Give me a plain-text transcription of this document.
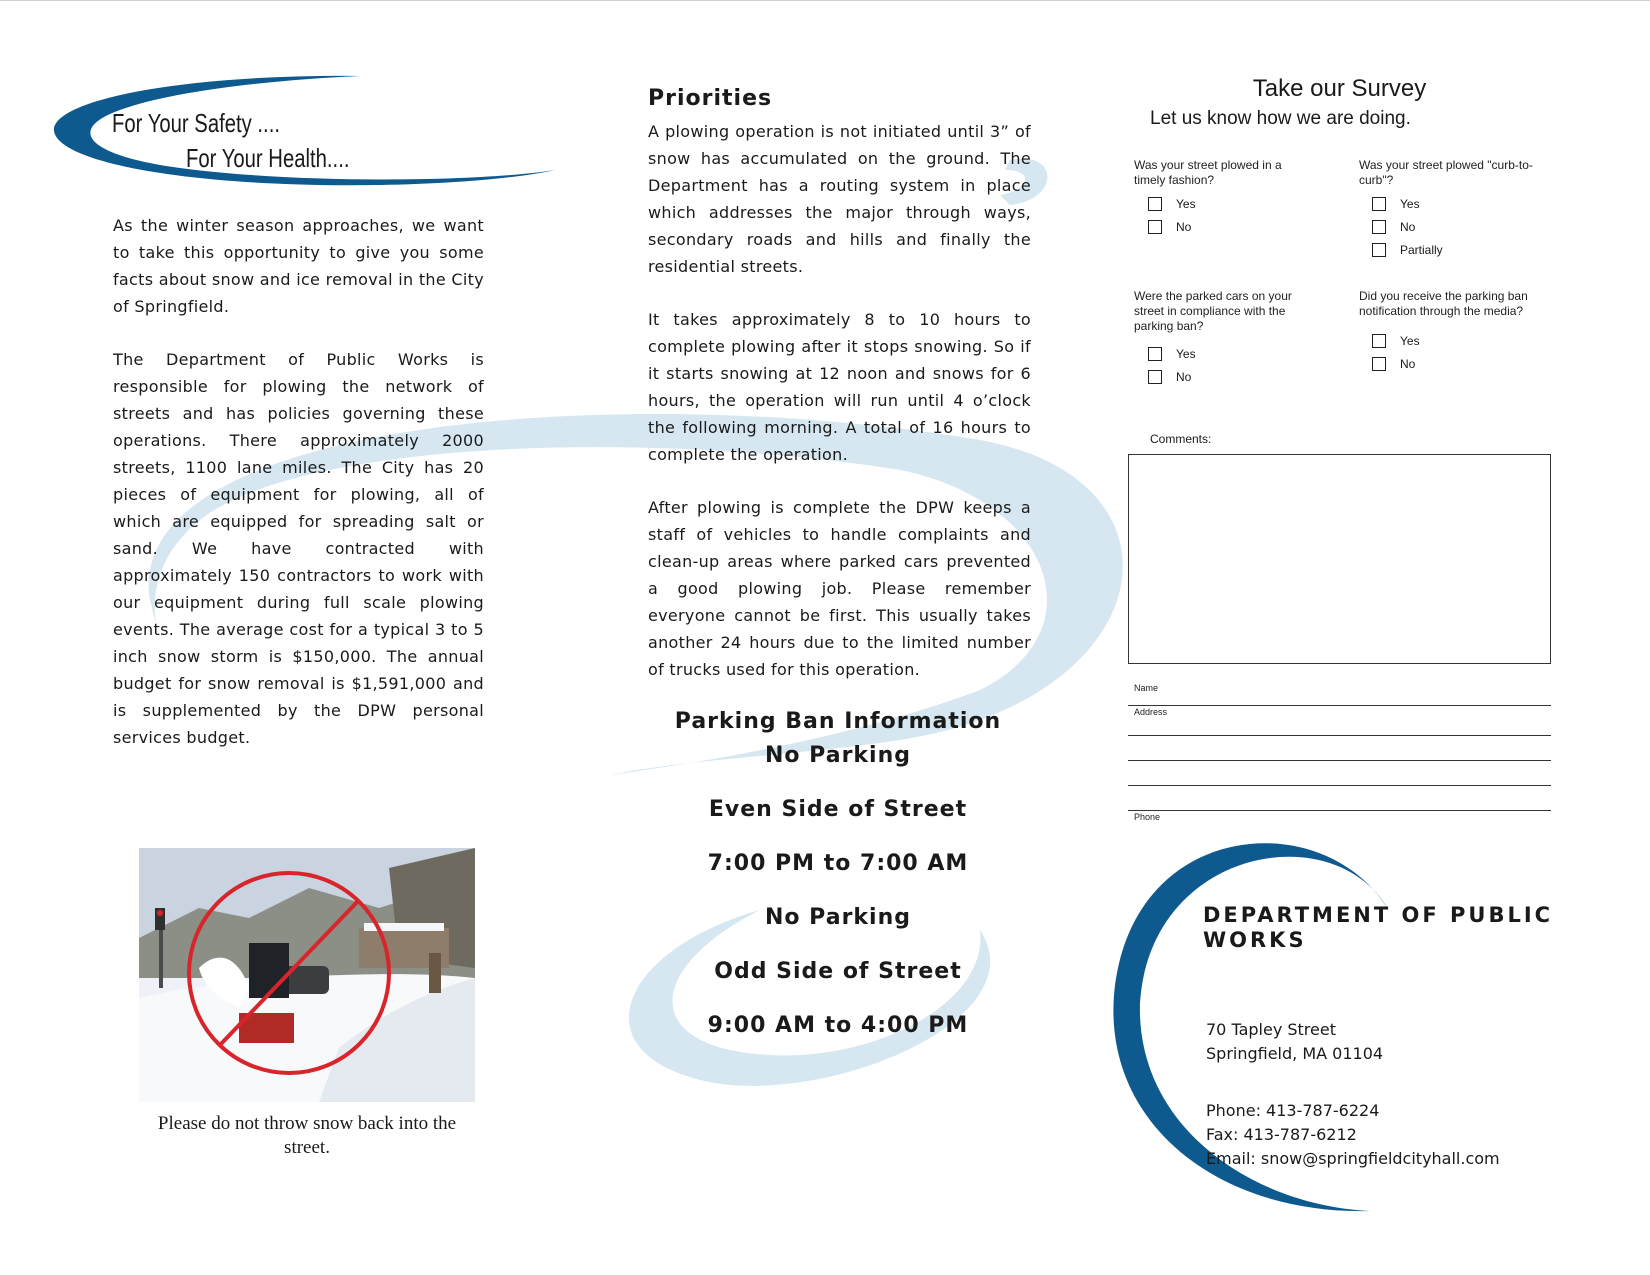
For Your Safety ....
For Your Health....
As the winter season approaches, we want to take this opportunity to give you some facts about snow and ice removal in the City of Springfield.
The Department of Public Works is responsible for plowing the network of streets and has policies governing these operations. There approximately 2000 streets, 1100 lane miles. The City has 20 pieces of equipment for plowing, all of which are equipped for spreading salt or sand. We have contracted with approximately 150 contractors to work with our equipment during full scale plowing events. The average cost for a typical 3 to 5 inch snow storm is $150,000. The annual budget for snow removal is $1,591,000 and is supplemented by the DPW personal services budget.
Please do not throw snow back into the street.
Priorities
A plowing operation is not initiated until 3” of snow has accumulated on the ground. The Department has a routing system in place which addresses the major through ways, secondary roads and hills and finally the residential streets.
It takes approximately 8 to 10 hours to complete plowing after it stops snowing. So if it starts snowing at 12 noon and snows for 6 hours, the operation will run until 4 o’clock the following morning. A total of 16 hours to complete the operation.
After plowing is complete the DPW keeps a staff of vehicles to handle complaints and clean-up areas where parked cars prevented a good plowing job. Please remember everyone cannot be first. This usually takes another 24 hours due to the limited number of trucks used for this operation.
Parking Ban Information
No Parking
Even Side of Street
7:00 PM to 7:00 AM
No Parking
Odd Side of Street
9:00 AM to 4:00 PM
Take our Survey
Let us know how we are doing.
Was your street plowed in a timely fashion?
Yes
No
Was your street plowed "curb-to-curb"?
Yes
No
Partially
Were the parked cars on your street in compliance with the parking ban?
Yes
No
Did you receive the parking ban notification through the media?
Yes
No
Comments:
Name
Address
Phone
DEPARTMENT OF PUBLIC
WORKS
70 Tapley Street
Springfield, MA 01104
Phone: 413-787-6224
Fax: 413-787-6212
Email: snow@springfieldcityhall.com
